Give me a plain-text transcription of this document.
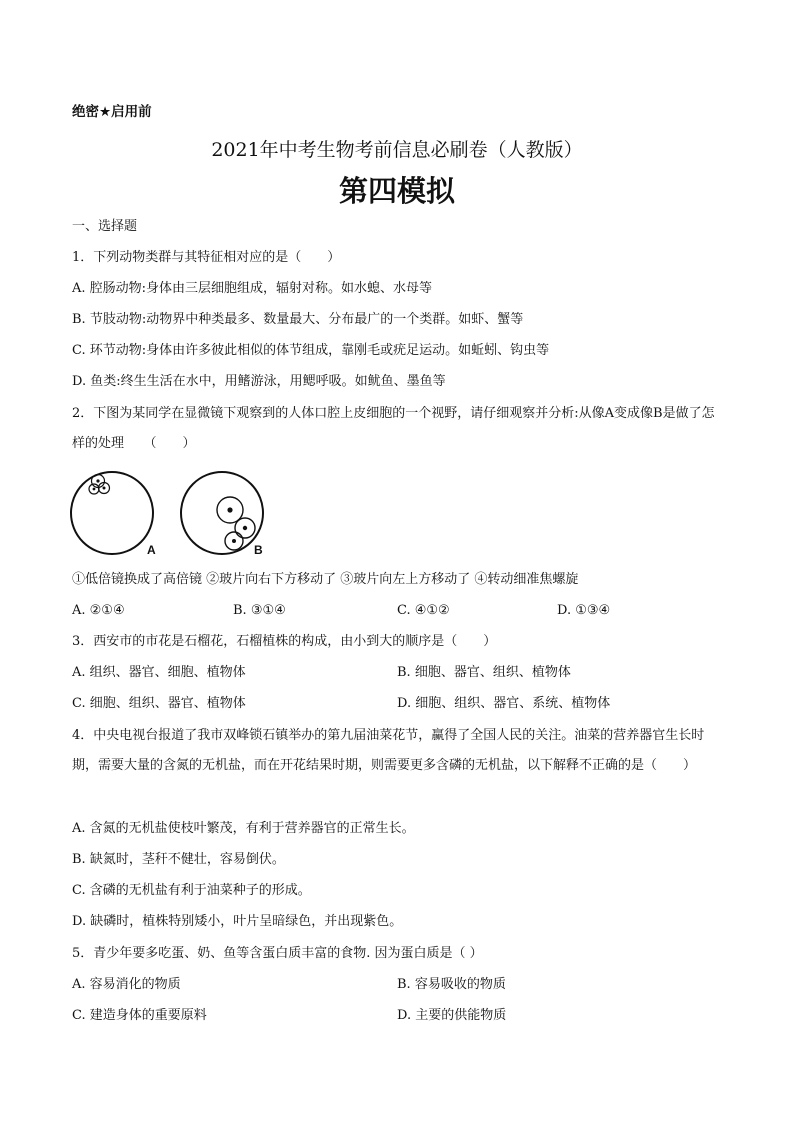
绝密★启用前
2021年中考生物考前信息必刷卷（人教版）
第四模拟
一、选择题
1．下列动物类群与其特征相对应的是（　　）
A. 腔肠动物:身体由三层细胞组成，辐射对称。如水螅、水母等
B. 节肢动物:动物界中种类最多、数量最大、分布最广的一个类群。如虾、蟹等
C. 环节动物:身体由许多彼此相似的体节组成，靠刚毛或疣足运动。如蚯蚓、钩虫等
D. 鱼类:终生生活在水中，用鳍游泳，用鳃呼吸。如鱿鱼、墨鱼等
2．下图为某同学在显微镜下观察到的人体口腔上皮细胞的一个视野，请仔细观察并分析:从像A变成像B是做了怎样的处理　　（　　）
A	B
①低倍镜换成了高倍镜 ②玻片向右下方移动了 ③玻片向左上方移动了 ④转动细准焦螺旋
A. ②①④	B. ③①④	C. ④①②	D. ①③④
3．西安市的市花是石榴花，石榴植株的构成，由小到大的顺序是（　　）
A. 组织、器官、细胞、植物体	B. 细胞、器官、组织、植物体
C. 细胞、组织、器官、植物体	D. 细胞、组织、器官、系统、植物体
4．中央电视台报道了我市双峰锁石镇举办的第九届油菜花节，赢得了全国人民的关注。油菜的营养器官生长时期，需要大量的含氮的无机盐，而在开花结果时期，则需要更多含磷的无机盐，以下解释不正确的是（　　）
A. 含氮的无机盐使枝叶繁茂，有利于营养器官的正常生长。
B. 缺氮时，茎秆不健壮，容易倒伏。
C. 含磷的无机盐有利于油菜种子的形成。
D. 缺磷时，植株特别矮小，叶片呈暗绿色，并出现紫色。
5．青少年要多吃蛋、奶、鱼等含蛋白质丰富的食物. 因为蛋白质是（ ）
A. 容易消化的物质	B. 容易吸收的物质
C. 建造身体的重要原料	D. 主要的供能物质
